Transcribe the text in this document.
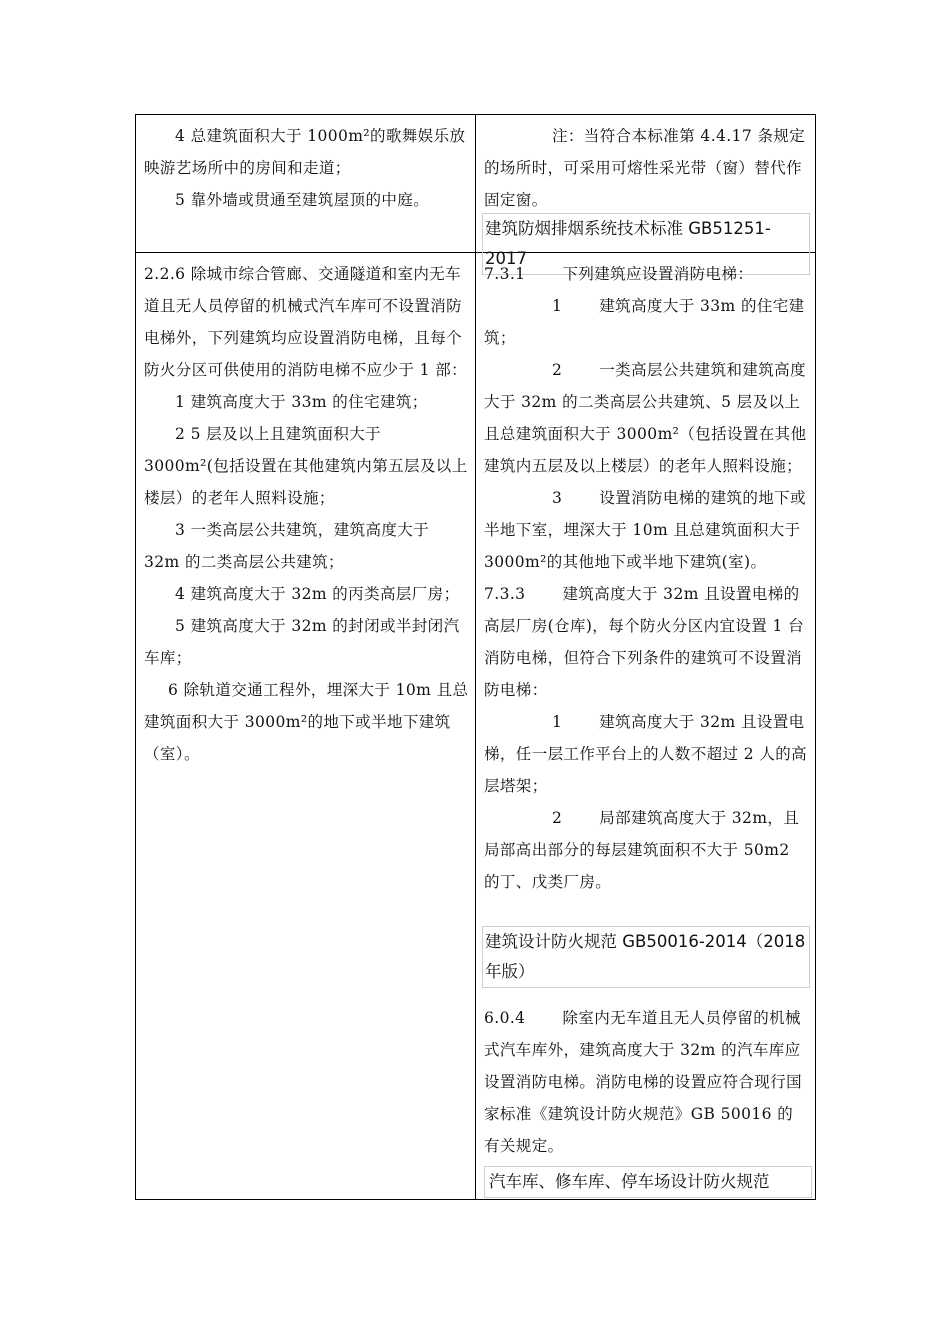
4 总建筑面积大于 1000m²的歌舞娱乐放映游艺场所中的房间和走道；

5 靠外墙或贯通至建筑屋顶的中庭。

注：当符合本标准第 4.4.17 条规定的场所时，可采用可熔性采光带（窗）替代作固定窗。

建筑防烟排烟系统技术标准 GB51251-2017

2.2.6 除城市综合管廊、交通隧道和室内无车道且无人员停留的机械式汽车库可不设置消防电梯外，下列建筑均应设置消防电梯，且每个防火分区可供使用的消防电梯不应少于 1 部：

1 建筑高度大于 33m 的住宅建筑；

2 5 层及以上且建筑面积大于 3000m²(包括设置在其他建筑内第五层及以上楼层）的老年人照料设施；

3 一类高层公共建筑，建筑高度大于 32m 的二类高层公共建筑；

4 建筑高度大于 32m 的丙类高层厂房；

5 建筑高度大于 32m 的封闭或半封闭汽车库；

6 除轨道交通工程外，埋深大于 10m 且总建筑面积大于 3000m²的地下或半地下建筑（室）。

7.3.1 下列建筑应设置消防电梯：

1 建筑高度大于 33m 的住宅建筑；

2 一类高层公共建筑和建筑高度大于 32m 的二类高层公共建筑、5 层及以上且总建筑面积大于 3000m²（包括设置在其他建筑内五层及以上楼层）的老年人照料设施；

3 设置消防电梯的建筑的地下或半地下室，埋深大于 10m 且总建筑面积大于 3000m²的其他地下或半地下建筑(室)。

7.3.3 建筑高度大于 32m 且设置电梯的高层厂房(仓库)，每个防火分区内宜设置 1 台消防电梯，但符合下列条件的建筑可不设置消防电梯：

1 建筑高度大于 32m 且设置电梯，任一层工作平台上的人数不超过 2 人的高层塔架；

2 局部建筑高度大于 32m，且局部高出部分的每层建筑面积不大于 50m2 的丁、戊类厂房。

建筑设计防火规范 GB50016-2014（2018 年版）

6.0.4 除室内无车道且无人员停留的机械式汽车库外，建筑高度大于 32m 的汽车库应设置消防电梯。消防电梯的设置应符合现行国家标准《建筑设计防火规范》GB 50016 的有关规定。

汽车库、修车库、停车场设计防火规范
